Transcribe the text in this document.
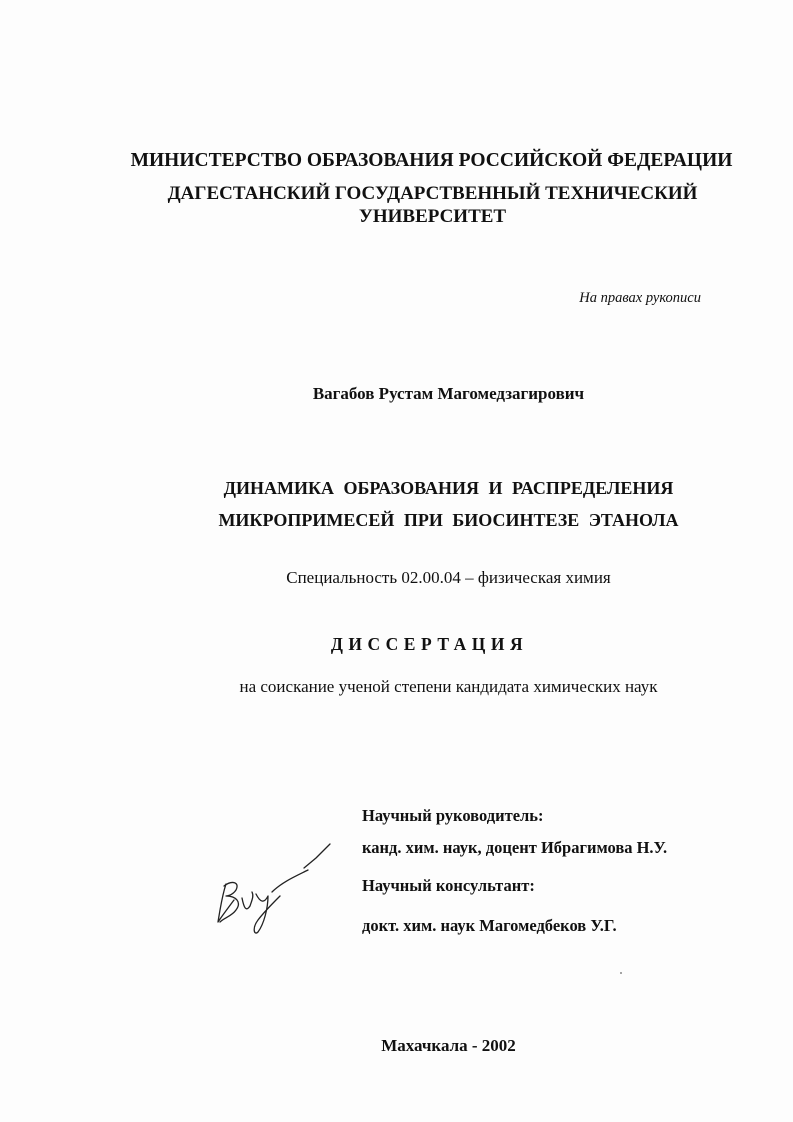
МИНИСТЕРСТВО ОБРАЗОВАНИЯ РОССИЙСКОЙ ФЕДЕРАЦИИ
ДАГЕСТАНСКИЙ ГОСУДАРСТВЕННЫЙ ТЕХНИЧЕСКИЙ
УНИВЕРСИТЕТ
На правах рукописи
Вагабов Рустам Магомедзагирович
ДИНАМИКА ОБРАЗОВАНИЯ И РАСПРЕДЕЛЕНИЯ
МИКРОПРИМЕСЕЙ ПРИ БИОСИНТЕЗЕ ЭТАНОЛА
Специальность 02.00.04 – физическая химия
ДИССЕРТАЦИЯ
на соискание ученой степени кандидата химических наук
Научный руководитель:
канд. хим. наук, доцент Ибрагимова Н.У.
Научный консультант:
докт. хим. наук Магомедбеков У.Г.
Махачкала - 2002
